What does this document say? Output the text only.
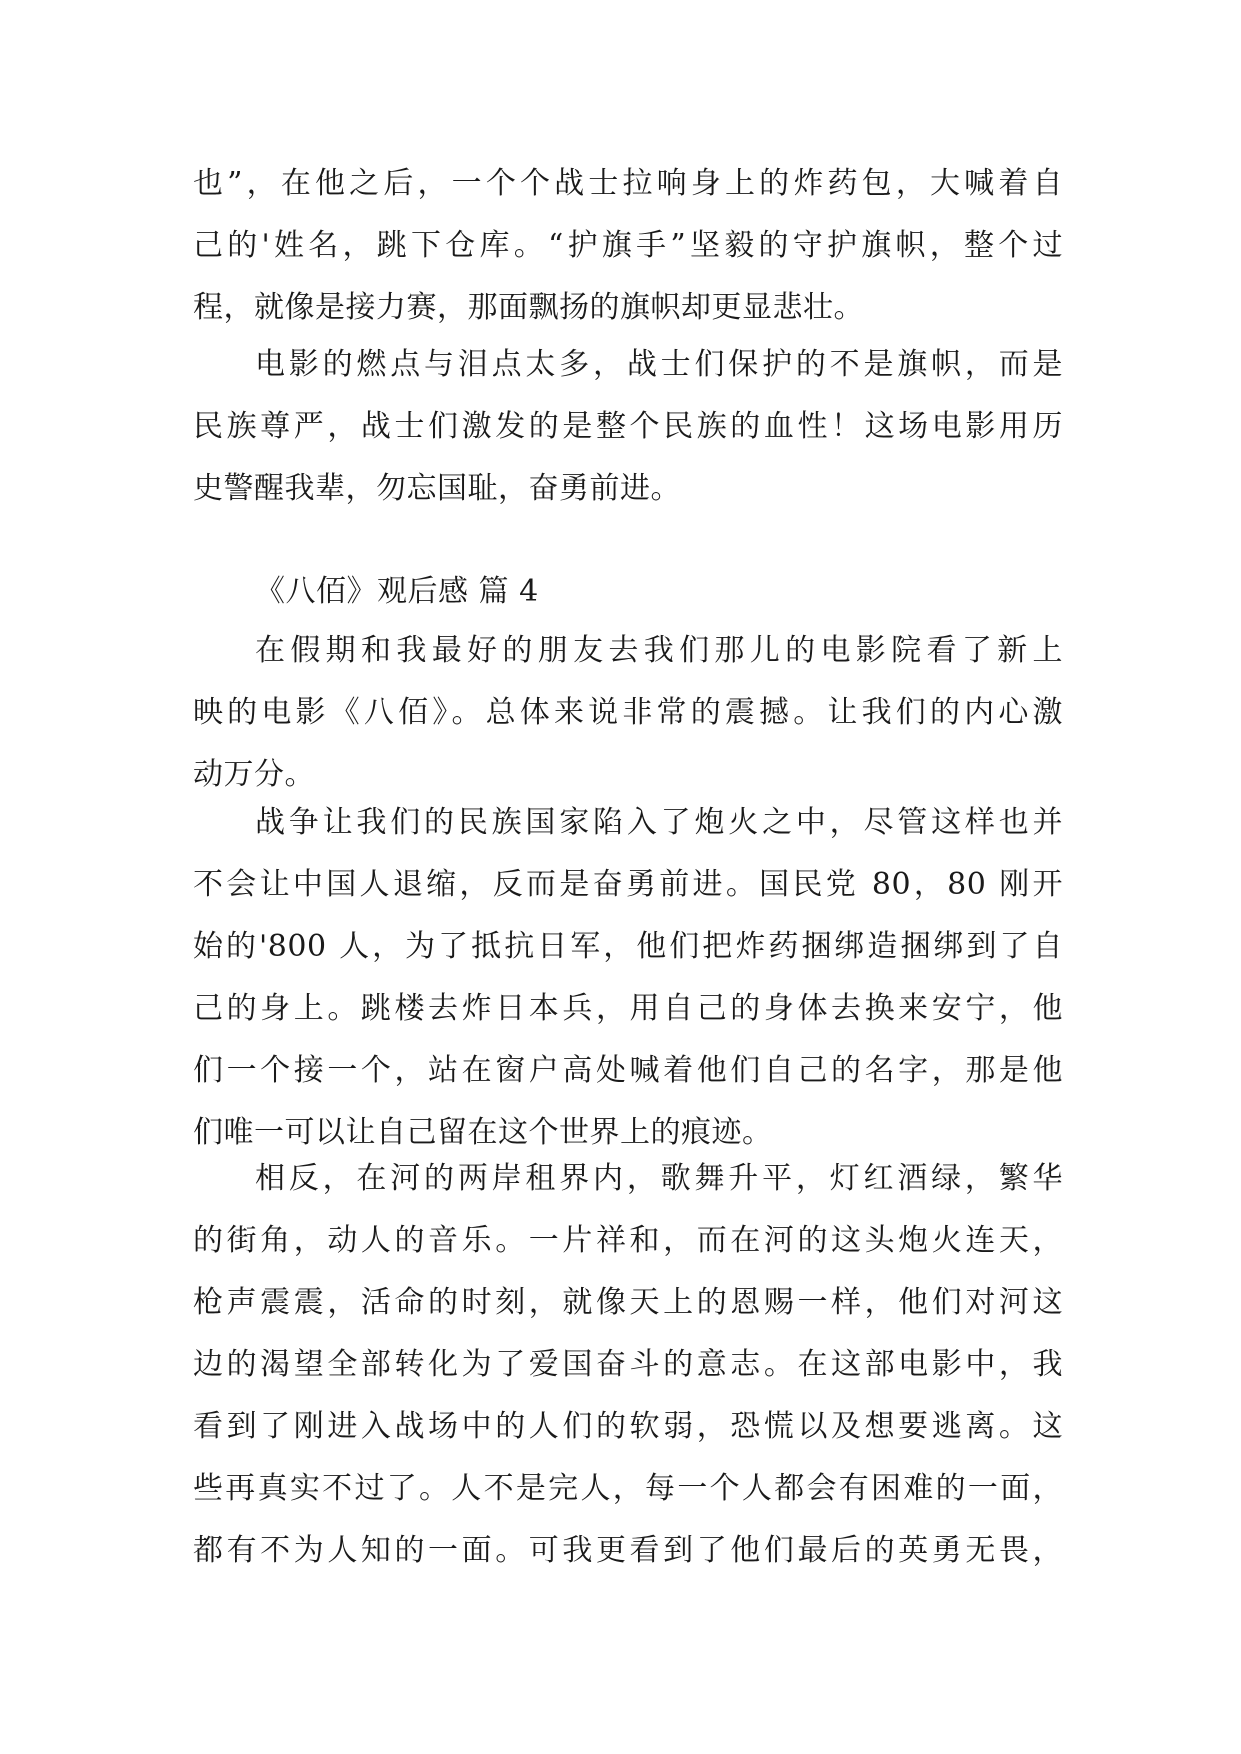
也”，在他之后，一个个战士拉响身上的炸药包，大喊着自
己的'姓名，跳下仓库。“护旗手”坚毅的守护旗帜，整个过
程，就像是接力赛，那面飘扬的旗帜却更显悲壮。
电影的燃点与泪点太多，战士们保护的不是旗帜，而是
民族尊严，战士们激发的是整个民族的血性！这场电影用历
史警醒我辈，勿忘国耻，奋勇前进。
《八佰》观后感 篇 4
在假期和我最好的朋友去我们那儿的电影院看了新上
映的电影《八佰》。总体来说非常的震撼。让我们的内心激
动万分。
战争让我们的民族国家陷入了炮火之中，尽管这样也并
不会让中国人退缩，反而是奋勇前进。国民党 80，80 刚开
始的'800 人，为了抵抗日军，他们把炸药捆绑造捆绑到了自
己的身上。跳楼去炸日本兵，用自己的身体去换来安宁，他
们一个接一个，站在窗户高处喊着他们自己的名字，那是他
们唯一可以让自己留在这个世界上的痕迹。
相反，在河的两岸租界内，歌舞升平，灯红酒绿，繁华
的街角，动人的音乐。一片祥和，而在河的这头炮火连天，
枪声震震，活命的时刻，就像天上的恩赐一样，他们对河这
边的渴望全部转化为了爱国奋斗的意志。在这部电影中，我
看到了刚进入战场中的人们的软弱，恐慌以及想要逃离。这
些再真实不过了。人不是完人，每一个人都会有困难的一面，
都有不为人知的一面。可我更看到了他们最后的英勇无畏，
